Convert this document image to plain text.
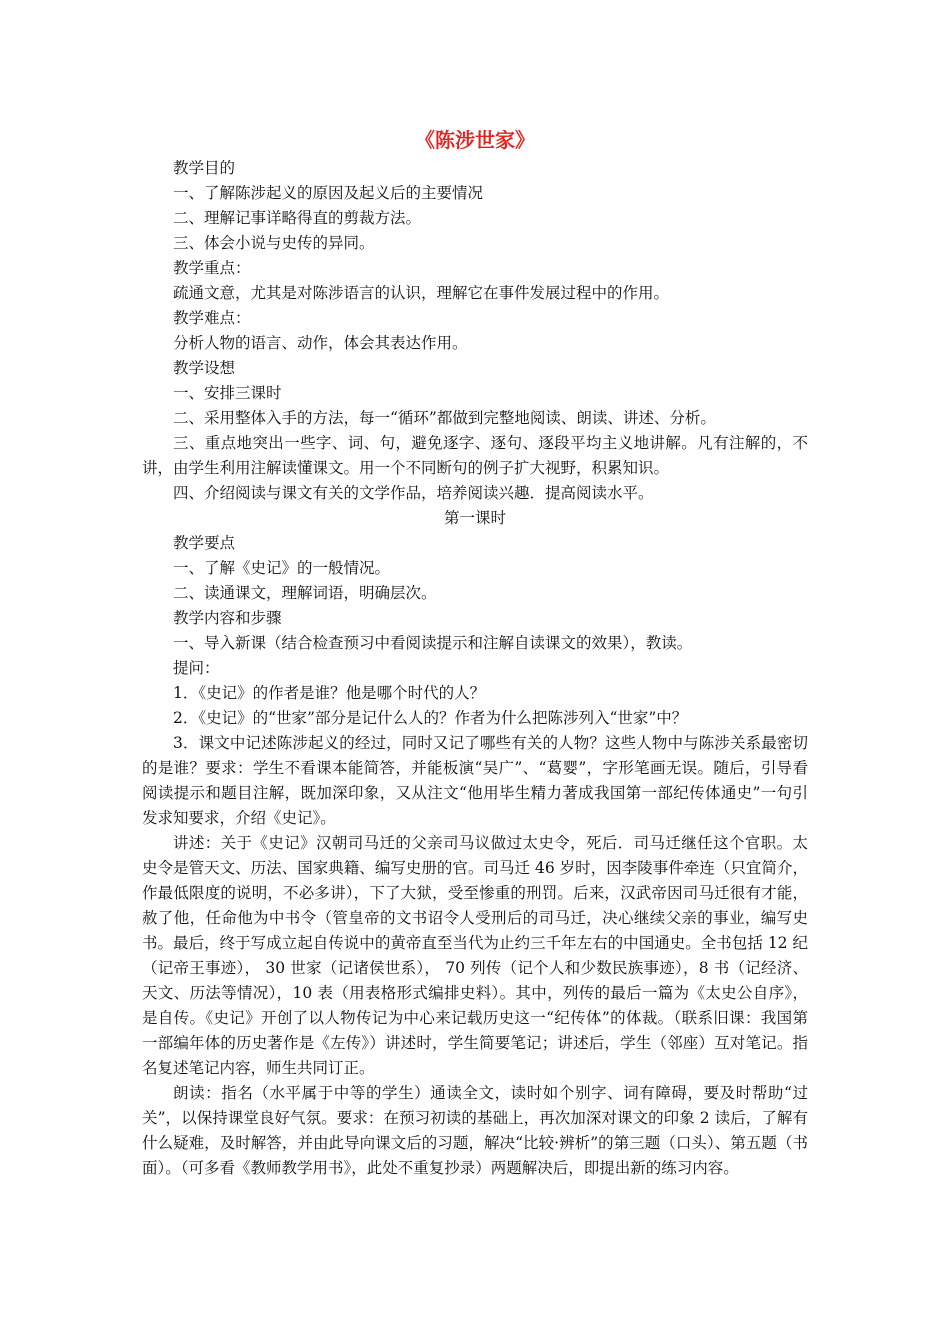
《陈涉世家》

教学目的

一、了解陈涉起义的原因及起义后的主要情况

二、理解记事详略得直的剪裁方法。

三、体会小说与史传的异同。

教学重点：

疏通文意，尤其是对陈涉语言的认识，理解它在事件发展过程中的作用。

教学难点：

分析人物的语言、动作，体会其表达作用。

教学设想

一、安排三课时

二、采用整体入手的方法，每一“循环”都做到完整地阅读、朗读、讲述、分析。

三、重点地突出一些字、词、句，避免逐字、逐句、逐段平均主义地讲解。凡有注解的，不讲，由学生利用注解读懂课文。用一个不同断句的例子扩大视野，积累知识。

四、介绍阅读与课文有关的文学作品，培养阅读兴趣．提高阅读水平。

第一课时

教学要点

一、了解《史记》的一般情况。

二、读通课文，理解词语，明确层次。

教学内容和步骤

一、导入新课（结合检查预习中看阅读提示和注解自读课文的效果），教读。

提问：

1．《史记》的作者是谁？他是哪个时代的人？

2．《史记》的“世家”部分是记什么人的？作者为什么把陈涉列入“世家”中？

3．课文中记述陈涉起义的经过，同时又记了哪些有关的人物？这些人物中与陈涉关系最密切的是谁？要求：学生不看课本能简答，并能板演“吴广”、“葛婴”，字形笔画无误。随后，引导看阅读提示和题目注解，既加深印象，又从注文“他用毕生精力著成我国第一部纪传体通史”一句引发求知要求，介绍《史记》。

讲述：关于《史记》汉朝司马迁的父亲司马议做过太史令，死后．司马迁继任这个官职。太史令是管天文、历法、国家典籍、编写史册的官。司马迁 46 岁时，因李陵事件牵连（只宜简介，作最低限度的说明，不必多讲），下了大狱，受至惨重的刑罚。后来，汉武帝因司马迁很有才能，赦了他，任命他为中书令（管皇帝的文书诏令人受刑后的司马迁，决心继续父亲的事业，编写史书。最后，终于写成立起自传说中的黄帝直至当代为止约三千年左右的中国通史。全书包括 12 纪（记帝王事迹）， 30 世家（记诸侯世系）， 70 列传（记个人和少数民族事迹），8 书（记经济、天文、历法等情况），10 表（用表格形式编排史料）。其中，列传的最后一篇为《太史公自序》，是自传。《史记》开创了以人物传记为中心来记载历史这一“纪传体”的体裁。（联系旧课：我国第一部编年体的历史著作是《左传》）讲述时，学生简要笔记；讲述后，学生（邻座）互对笔记。指名复述笔记内容，师生共同订正。

朗读：指名（水平属于中等的学生）通读全文，读时如个别字、词有障碍，要及时帮助“过关”，以保持课堂良好气氛。要求：在预习初读的基础上，再次加深对课文的印象 2 读后，了解有什么疑难，及时解答，并由此导向课文后的习题，解决“比较·辨析”的第三题（口头）、第五题（书面）。（可多看《教师教学用书》，此处不重复抄录）两题解决后，即提出新的练习内容。
